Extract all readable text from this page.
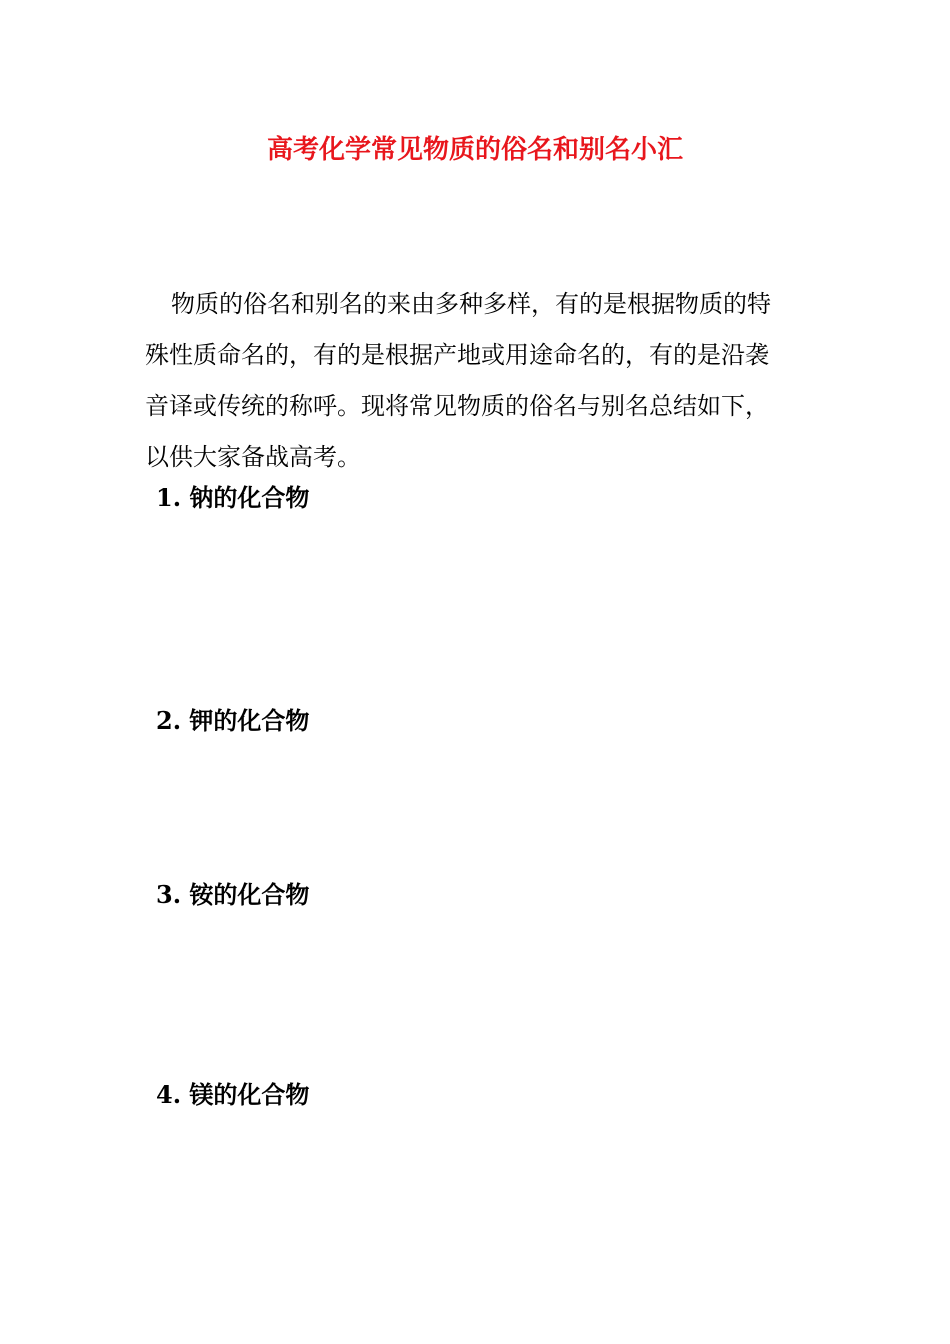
高考化学常见物质的俗名和别名小汇

物质的俗名和别名的来由多种多样，有的是根据物质的特
殊性质命名的，有的是根据产地或用途命名的，有的是沿袭
音译或传统的称呼。现将常见物质的俗名与别名总结如下，
以供大家备战高考。

1. 钠的化合物
2. 钾的化合物
3. 铵的化合物
4. 镁的化合物
